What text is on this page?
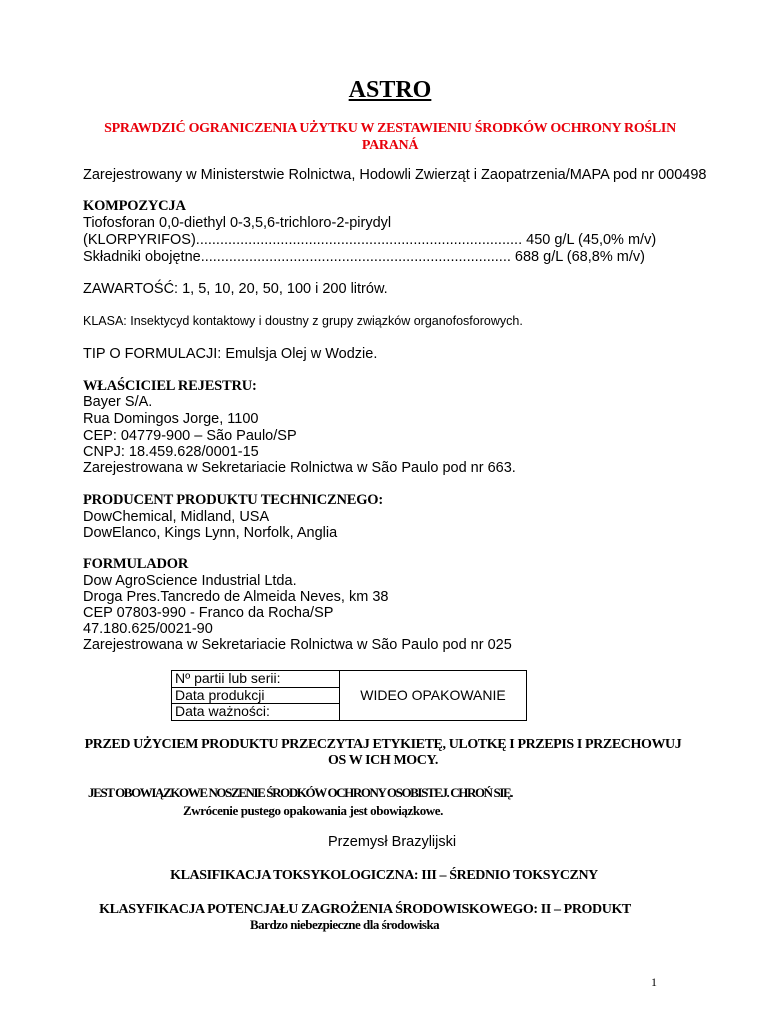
ASTRO
SPRAWDZIĆ OGRANICZENIA UŻYTKU W ZESTAWIENIU ŚRODKÓW OCHRONY ROŚLIN PARANÁ
Zarejestrowany w Ministerstwie Rolnictwa, Hodowli Zwierząt i Zaopatrzenia/MAPA pod nr 000498
KOMPOZYCJA
Tiofosforan 0,0-diethyl 0-3,5,6-trichloro-2-pirydyl
(KLORPYRIFOS)................................................................................. 450 g/L (45,0% m/v)
Składniki obojętne............................................................................. 688 g/L (68,8% m/v)
ZAWARTOŚĆ: 1, 5, 10, 20, 50, 100 i 200 litrów.
KLASA: Insektycyd kontaktowy i doustny z grupy związków organofosforowych.
TIP O FORMULACJI: Emulsja Olej w Wodzie.
WŁAŚCICIEL REJESTRU:
Bayer S/A.
Rua Domingos Jorge, 1100
CEP: 04779-900 – São Paulo/SP
CNPJ: 18.459.628/0001-15
Zarejestrowana w Sekretariacie Rolnictwa w São Paulo pod nr 663.
PRODUCENT PRODUKTU TECHNICZNEGO:
DowChemical, Midland, USA
DowElanco, Kings Lynn, Norfolk, Anglia
FORMULADOR
Dow AgroScience Industrial Ltda.
Droga Pres.Tancredo de Almeida Neves, km 38
CEP 07803-990 - Franco da Rocha/SP
47.180.625/0021-90
Zarejestrowana w Sekretariacie Rolnictwa w São Paulo pod nr 025
Nº partii lub serii:	WIDEO OPAKOWANIE
Data produkcji
Data ważności:
PRZED UŻYCIEM PRODUKTU PRZECZYTAJ ETYKIETĘ, ULOTKĘ I PRZEPIS I PRZECHOWUJ OS W ICH MOCY.
JEST OBOWIĄZKOWE NOSZENIE ŚRODKÓW OCHRONY OSOBISTEJ. CHROŃ SIĘ.
Zwrócenie pustego opakowania jest obowiązkowe.
Przemysł Brazylijski
KLASIFIKACJA TOKSYKOLOGICZNA: III – ŚREDNIO TOKSYCZNY
KLASYFIKACJA POTENCJAŁU ZAGROŻENIA ŚRODOWISKOWEGO: II – PRODUKT
Bardzo niebezpieczne dla środowiska
1
